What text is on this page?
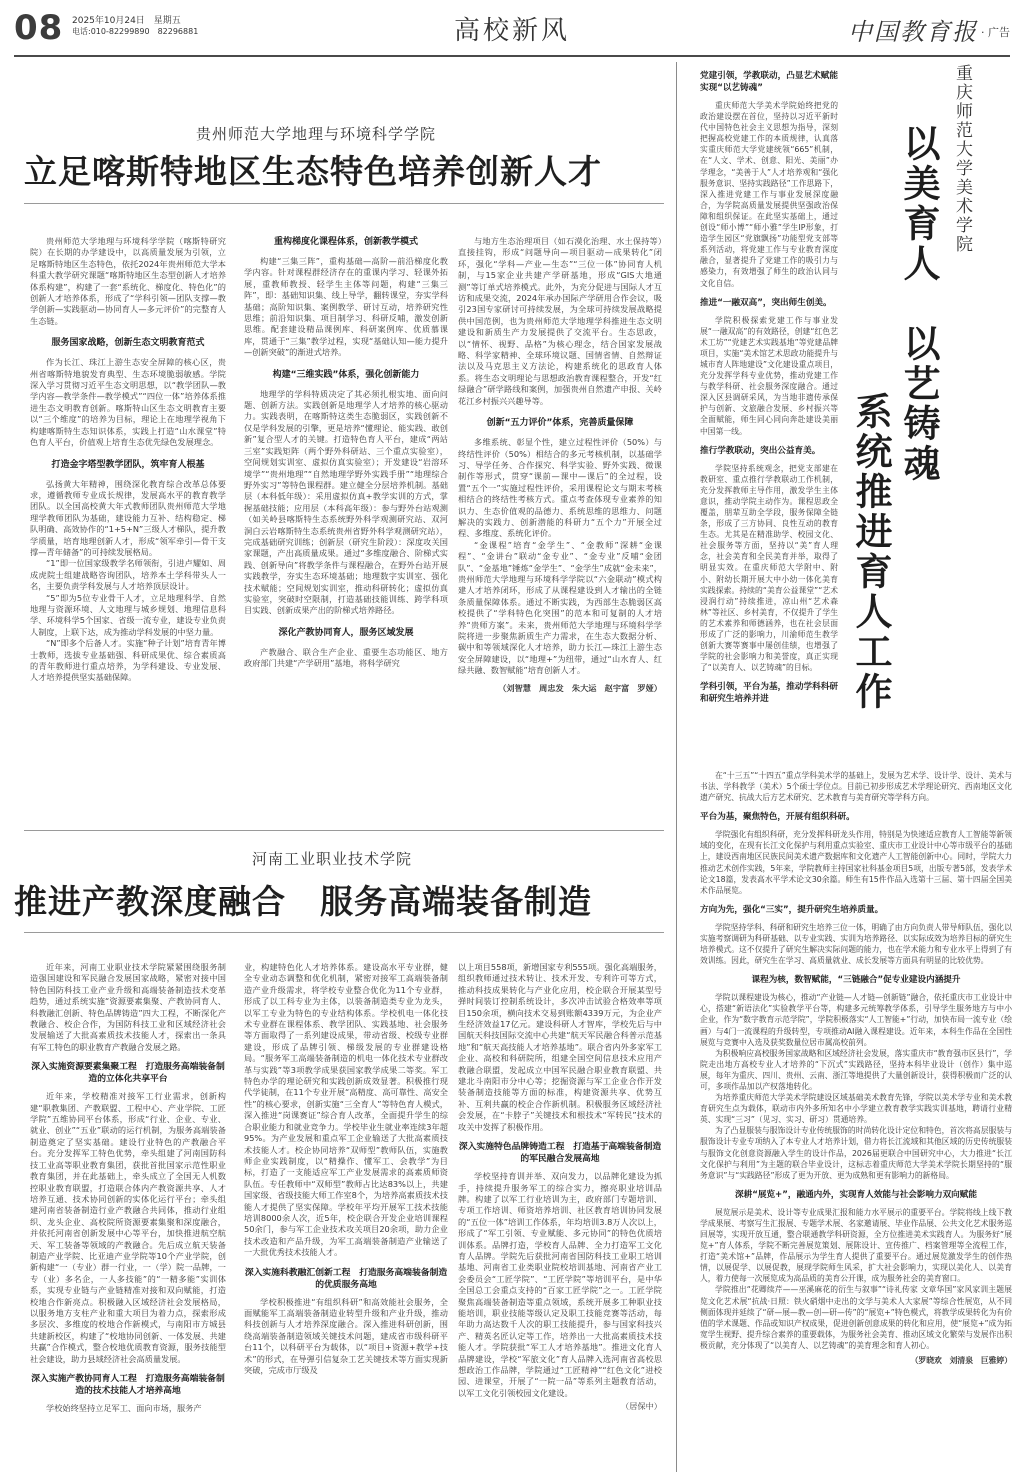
08 2025年10月24日　星期五
电话:010-82299890　82296881	高校新风	中国教育报 · 广告
贵州师范大学地理与环境科学学院
立足喀斯特地区生态特色培养创新人才

贵州师范大学地理与环境科学学院（喀斯特研究院）在长期的办学建设中，以高质量发展为引领，立足喀斯特地区生态特色，依托2024年贵州师范大学本科重大教学研究课题“喀斯特地区生态型创新人才培养体系构建”，构建了一套“系统化、梯度化、特色化”的创新人才培养体系，形成了“学科引领—团队支撑—教学创新—实践驱动—协同育人—多元评价”的完整育人生态链。

服务国家战略，创新生态文明教育范式

作为长江、珠江上游生态安全屏障的核心区，贵州省喀斯特地貌发育典型、生态环境脆弱敏感。学院深入学习贯彻习近平生态文明思想，以“教学团队—教学内容—教学条件—教学模式”“四位一体”培养体系推进生态文明教育创新。喀斯特山区生态文明教育主要以“三个维度”的培养为目标，理论上在地理学视角下构建喀斯特生态知识体系，实践上打造“山水课堂”特色育人平台，价值观上培育生态优先绿色发展理念。

打造金字塔型教学团队，筑牢育人根基

弘扬黄大年精神，围绕深化教育综合改革总体要求，遵循教师专业成长规律，发展高水平的教育教学团队。以全国高校黄大年式教师团队贵州师范大学地理学教师团队为基础，建设能力互补、结构稳定、梯队明确、高效协作的“1+5+N”三级人才梯队，提升教学质量，培育地理创新人才，形成“领军牵引—骨干支撑—青年储备”的可持续发展格局。

“1”即一位国家级教学名师领衔，引进卢耀如、周成虎院士组建战略咨询团队，培养本土学科带头人一名，主要负责学科发展与人才培养顶层设计。

“5”即为5位专业骨干人才，立足地理科学、自然地理与资源环境、人文地理与城乡规划、地理信息科学、环境科学5个国家、省级一流专业，建设专业负责人制度，上联下达，成为推动学科发展的中坚力量。

“N”即多个后备人才。实施“种子计划”培育青年博士教师，选拔专业基础强、科研成果优、综合素质高的青年教师进行重点培养，为学科建设、专业发展、人才培养提供坚实基础保障。

重构梯度化课程体系，创新教学模式

构建“三集三阵”，重构基础—高阶—前沿梯度化教学内容。针对课程群经济存在的重课内学习、轻课外拓展，重教师教授、轻学生主体等问题，构建“三集三阵”，即：基础知识集、线上导学，翻转课堂，夯实学科基础；高阶知识集、案例教学、研讨互动，培养研究性思维；前沿知识集、项目制学习、科研反哺，激发创新思维。配套建设精品课例库、科研案例库、优质慕课库，贯通于“三集”教学过程，实现“基础认知—能力提升—创新突破”的渐进式培养。

构建“三维实践”体系，强化创新能力

地理学的学科特质决定了其必须扎根实地、面向问题、创新方法。实践创新是地理学人才培养的核心驱动力。实践表明，在喀斯特这类生态脆弱区，实践创新不仅是学科发展的引擎，更是培养“懂理论、能实践、敢创新”复合型人才的关键。打造特色育人平台，建成“两站三室”实践矩阵（两个野外科研站、三个重点实验室），空间规划实训室、虚拟仿真实验室）；开发建设“岩溶环境学”“贵州地理”“自然地理学野外实践手册”“地理综合野外实习”等特色课程群。建立健全分层培养机制。基础层（本科低年级）：采用虚拟仿真+教学实训的方式，掌握基础技能；应用层（本科高年级）：参与野外台站观测（如关岭县喀斯特生态系统野外科学观测研究站、双河洞白云岩喀斯特生态系统贵州省野外科学观测研究站），完成基础研究训练；创新层（研究生阶段）：深度攻关国家课题，产出高质量成果。通过“多维度融合、阶梯式实践、创新导向”将教学条件与课程融合，在野外台站开展实践教学，夯实生态环境基础；地理数字实训室、强化技术赋能；空间规划实训室，推动科研转化；虚拟仿真实验室，突破时空限制，打造基础技能训练、跨学科项目实践、创新成果产出的阶梯式培养路径。

深化产教协同育人，服务区域发展

产教融合、联合生产企业、重要生态功能区、地方政府部门共建“产学研用”基地，将科学研究

与地方生态治理项目（如石漠化治理、水土保持等）直接挂钩，形成“问题导向—项目驱动—成果转化”闭环，强化“学科—产业—生态”“三位一体”协同育人机制，与15家企业共建产学研基地，形成“GIS大地通测”等订单式培养模式。此外，为充分促进与国际人才互访和成果交流，2024年承办国际产学研用合作会议，吸引23国专家研讨可持续发展，为全球可持续发展战略提供中国范例，也为贵州师范大学地理学科推进生态文明建设和新质生产力发展提供了交流平台。生态思政，以“情怀、视野、品格”为核心理念，结合国家发展战略、科学家精神、全球环境议题、国情省情、自然辩证法以及马克思主义方法论，构建系统化的思政育人体系。将生态文明理论与思想政治教育课程整合，开发“红绿融合”研学路线和案例，加强贵州自然遗产申报、关岭花江乡村振兴兴趣导等。

创新“五力评价”体系，完善质量保障

多维系统、彰显个性，建立过程性评价（50%）与终结性评价（50%）相结合的多元考核机制，以基础学习、导学任务、合作探究、科学实验、野外实践、微课制作等形式，贯穿“课前—课中—课后”的全过程，设置“五个一”实施过程性评价，采用课程论文与期末考核相结合的终结性考核方式。重点考查体现专业素养的知识力、生态价值观的品德力、系统思维的思维力、问题解决的实践力、创新潜能的科研力“五个力”开展全过程、多维度、系统化评价。

“金课程”培育“金学生”、“金教师”深耕“金课程”、“金讲台”联动“金专业”、“金专业”反哺“金团队”、“金基地”锤炼“金学生”、“金学生”成就“金未来”，贵州师范大学地理与环境科学学院以“六金联动”模式构建人才培养闭环，形成了从课程建设到人才输出的全链条质量保障体系。通过不断实践，为西部生态脆弱区高校提供了“学科特色化突围”的范本和可复制的人才培养“贵师方案”。未来，贵州师范大学地理与环境科学学院将进一步聚焦新质生产力需求，在生态大数据分析、碳中和等领域深化人才培养，助力长江—珠江上游生态安全屏障建设，以“地理+”为纽带，通过“山水育人、红绿共融、数智赋能”培育创新人才。

（刘智慧　周忠发　朱大运　赵宇富　罗娅）
河南工业职业技术学院
推进产教深度融合　服务高端装备制造

近年来，河南工业职业技术学院紧紧围绕服务制造强国建设和军民融合发展国家战略，紧密对接中国特色国防科技工业产业升级和高端装备制造技术变革趋势，通过系统实施“资源要素集聚、产教协同育人、科教融汇创新、特色品牌铸造”四大工程，不断深化产教融合、校企合作，为国防科技工业和区域经济社会发展输送了大批高素质技术技能人才，探索出一条具有军工特色的职业教育产教融合发展之路。

深入实施资源要素集聚工程　打造服务高端装备制造的立体化共享平台

近年来，学校精准对接军工行业需求，创新构建“职教集团、产教联盟、工程中心、产业学院、工匠学院”五维协同平台体系，形成“行业、企业、专业、就业、创业”“五业”联动的运行机制，为服务高端装备制造奠定了坚实基础。建设行业特色的产教融合平台。充分发挥军工特色优势，牵头组建了河南国防科技工业高等职业教育集团，获批首批国家示范性职业教育集团，并在此基础上，牵头成立了全国无人机数控职业教育联盟，打造联合体内产教资源共享、人才培养互通、技术协同创新的实体化运行平台；牵头组建河南省装备制造行业产教融合共同体，推动行业组织、龙头企业、高校院所资源要素集聚和深度融合，并依托河南省创新发展中心等平台，加快推进航空航天、军工装备等领域的产教融合。先后成立航天装备制造产业学院、比亚迪产业学院等10个产业学院，创新构建“一（专业）群一行业，一（学）院一品牌，一专（业）多名企，一人多技能”的“一精多能”实训体系，实现专业链与产业链精准对接和双向赋能，打造校地合作新亮点。积极融入区域经济社会发展格局，以服务地方支柱产业和重大项目为着力点，探索形成多层次、多维度的校地合作新模式，与南阳市方城县共建新校区，构建了“校地协同创新、一体发展、共建共赢”合作模式，整合校地优质教育资源，服务技能型社会建设，助力县域经济社会高质量发展。

深入实施产教协同育人工程　打造服务高端装备制造的技术技能人才培养高地

学校始终坚持立足军工、面向市场，服务产

业，构建特色化人才培养体系。建设高水平专业群，健全专业动态调整和优化机制，紧密对接军工高端装备制造产业升级需求，将学校专业整合优化为11个专业群，形成了以工科专业为主体，以装备制造类专业为龙头，以军工专业为特色的专业结构体系。学校机电一体化技术专业群在课程体系、教学团队、实践基地、社会服务等方面取得了一系列建设成果，带动省级、校级专业群建设，形成了品牌引领、梯级发展的专业群建设格局。“服务军工高端装备制造的机电一体化技术专业群改革与实践”等3项教学成果获国家教学成果二等奖。军工特色办学的理论研究和实践创新成效显著。积极推行现代学徒制，在11个专业开展“高精度、高可靠性、高安全性”的核心要求，创新实施“三全育人”等特色育人模式，深入推进“岗课赛证”综合育人改革，全面提升学生的综合职业能力和就业竞争力。学校毕业生就业率连续3年超95%。为产业发展和重点军工企业输送了大批高素质技术技能人才。校企协同培养“双师型”教师队伍，实施教师企业实践制度，以“精操作、懂军工、会教学”为目标，打造了一支能适应军工产业发展需求的高素质师资队伍。专任教师中“双师型”教师占比达83%以上，共建国家级、省级技能大师工作室8个，为培养高素质技术技能人才提供了坚实保障。学校年平均开展军工技术技能培训8000余人次，近5年，校企联合开发企业培训课程50余门，参与军工企业技术攻关项目20余项，助力企业技术改造和产品升级，为军工高端装备制造产业输送了一大批优秀技术技能人才。

深入实施科教融汇创新工程　打造服务高端装备制造的优质服务高地

学校积极推进“有组织科研”和高效能社会服务，全面赋能军工高端装备制造业转型升级和产业升级，推动科技创新与人才培养深度融合。深入推进科研创新，围绕高端装备制造领域关键技术问题，建成省市级科研平台11个，以科研平台为载体，以“项目+资源+教学+技术”的形式，在导弹引信复杂工艺关键技术等方面实现新突破，完成市厅级及

以上项目558项，新增国家专利555项。强化高端服务，组织教师通过技术转让、技术开发、专利许可等方式，推动科技成果转化与产业化应用，校企联合开展某型号弹时间装订控制系统设计，多次冲击试验合格效率等项目150余项，横向技术交易到账额4339万元，为企业产生经济效益17亿元。建设科研人才智库，学校先后与中国航天科技国际交流中心共建“航天军民融合科普示范基地”和“航天高技能人才培养基地”。联合省内外多家军工企业、高校和科研院所，组建全国空间信息技术应用产教融合联盟，发起成立中国军民融合职业教育联盟、共建北斗南阳市分中心等；挖掘资源与军工企业合作开发装备制造技能等方面的标准，构建资源共享、优势互补、互利共赢的校企合作新机制。积极服务区域经济社会发展，在“卡脖子”关键技术和根技术“军转民”技术的攻关中发挥了积极作用。

深入实施特色品牌铸造工程　打造基于高端装备制造的军民融合发展高地

学校坚持育训并举、双向发力，以品牌化建设为抓手，持续提升服务军工的综合实力，擦亮职业培训品牌。构建了以军工行业培训为主，政府部门专题培训、专项工作培训、师资培养培训、社区教育培训协同发展的“五位一体”培训工作体系，年均培训3.8万人次以上，形成了“军工引领、专业赋能、多元协同”的特色优质培训体系。品牌打造，学校育人品牌、全力打造军工文化育人品牌。学院先后获批河南省国防科技工业职工培训基地、河南省工业类职业院校培训基地、河南省产业工会委员会“工匠学院”、“工匠学院”等培训平台，是中华全国总工会重点支持的“百家工匠学院”之一。工匠学院聚焦高端装备制造等重点领域，系统开展多工种职业技能培训，职业技能等级认定及职工技能竞赛等活动，每年助力高达数千人次的职工技能提升，参与国家科技兴产、精英名匠认定等工作，培养出一大批高素质技术技能人才。学院获批“军工人才培养基地”。推进文化育人品牌建设，学校“军旅文化”育人品牌入选河南省高校思想政治工作品牌，学院通过“工匠精神”“红色文化”进校园、进课堂，开展了“一院一品”等系列主题教育活动，以军工文化引领校园文化建设。

（居保中）
重庆师范大学美术学院
以美育人　以艺铸魂
系统推进育人工作
党建引领，学教联动，凸显艺术赋能实现“以艺铸魂”

重庆师范大学美术学院始终把党的政治建设摆在首位，坚持以习近平新时代中国特色社会主义思想为指导，深刻把握高校党建工作的本质规律，认真落实重庆师范大学党建统领“665”机制，在“人文、学术、创意、阳光、美丽”办学理念，“美善于人”人才培养观和“强化服务意识、坚持实践路径”工作思路下，深入推进党建工作与事业发展深度融合，为学院高质量发展提供坚强政治保障和组织保证。在此坚实基础上，通过创设“师小博”“师小雅”学生IP形象，打造学生园区“党旗飘扬”功能型党支部等系列活动，将党建工作与专业教育深度融合，显著提升了党建工作的吸引力与感染力，有效增强了师生的政治认同与文化自信。

推进“一融双高”，突出师生创美。

学院积极探索党建工作与事业发展“一融双高”的有效路径，创建“红色艺术工坊”“党建艺术实践基地”等党建品牌项目，实施“美术馆艺术思政功能提升与城市育人阵地建设”文化建设重点项目，充分发挥学科专业优势，推动党建工作与教学科研、社会服务深度融合。通过深入区县调研采风，为当地非遗传承保护与创新、文旅融合发展、乡村振兴等全面赋能，师生同心同向奔赴建设美丽中国第一线。

推行学教联动，突出公益育美。

学院坚持系统观念，把党支部建在教研室、重点推行学教联动工作机制，充分发挥教师主导作用，激发学生主体意识，推动学院主动作为。课程思政全覆盖，朋辈互助全学段，服务保障全链条，形成了三方协同、良性互动的教育生态。尤其是在精准助学、校园文化、社会服务等方面，坚持以“美”育人理念，社会美育和全民美育并举，取得了明显实效。在重庆师范大学附中、附小、附幼长期开展大中小幼一体化美育实践探索。持续的“美育公益课堂”“艺术浸润行动”持续推进，凉山州“艺术森林”等社区、乡村美育，不仅提升了学生的艺术素养和师德涵养，也在社会层面形成了广泛的影响力，川渝师范生教学创新大赛等赛事中屡创佳绩，也增强了学院的社会影响力和美誉度，真正实现了“以美育人、以艺铸魂”的目标。

学科引领，平台为基，推动学科科研和研究生培养并进

在“十三五”“十四五”重点学科美术学的基础上，发展为艺术学、设计学、设计、美术与书法、学科教学（美术）5个硕士学位点。目前已初步形成艺术学理论研究、西南地区文化遗产研究、抗战大后方艺术研究、艺术教育与美育研究等学科方向。

平台为基，聚焦特色，开展有组织科研。

学院强化有组织科研，充分发挥科研龙头作用，特别是为快速适应教育人工智能等新领域的变化，在现有长江文化保护与利用重点实验室、重庆市工业设计中心等市级平台的基础上，建设西南地区民族民间美术遗产数据库和文化遗产人工智能创新中心。同时，学院大力推动艺术创作实践，5年来，学院教师主持国家社科基金项目5项，出版专著5部，发表学术论文18篇，发表高水平学术论文30余篇。师生有15件作品入选第十三届、第十四届全国美术作品展览。

方向为先，强化“三实”，提升研究生培养质量。

学院坚持学科、科研和研究生培养三位一体，明确了由方向负责人带导师队伍，强化以实施考察调研为科研基础、以专业实践、实训为培养路径、以实际成效为培养目标的研究生培养模式。这不仅提升了研究生解决实际问题的能力，也在学术能力和专业水平上得到了有效训练。因此，研究生在学习、高质量就业、成长发展等方面具有明显的比较优势。

课程为核，数智赋能，“三链融合”促专业建设内涵提升

学院以课程建设为核心，推动“产业链—人才链—创新链”融合，依托重庆市工业设计中心，搭建“新语法化”实验教学平台等，构建多元统筹教学体系，引导学生服务地方与中小企业，作为“数字教育示范学院”，学院积极落实“人工智能+”行动，加快布局一流专业（绘画）与4门一流课程的升级转型，专项推动AI融入课程建设。近年来，本科生作品在全国性展览与竞赛中入选及获奖数量位居市属高校前列。

为积极响应高校服务国家战略和区域经济社会发展，落实重庆市“教育强市区县行”，学院走出地方高校专业人才培养的“下沉式”实践路径，坚持本科毕业设计（创作）集中巡展，每年为重庆、四川、贵州、云南、浙江等地提供了大量创新设计，获得积极而广泛的认可，多项作品加以产权落地转化。

为培养重庆师范大学美术学院建设区域基础美术教育先锋，学院以美术学专业和美术教育研究生点为载体，联动市内外多所知名中小学建立教育教学实践实训基地，聘请行业精英、实现“三习”（见习、实习、研习）贯通培养。

为了凸显服装与服饰设计专业传统服饰的时尚转化设计定位和特色，首次将高层服装与服饰设计专业专项纳入了本专业人才培养计划，借力将长江流域和其他区域的历史传统服装与服饰文化创意资源融入学生的设计作品，2026届更联合中国研究中心，大力推进“长江文化保护与利用”为主题的联合毕业设计，这标志着重庆师范大学美术学院长期坚持的“服务意识”与“实践路径”形成了更为开放、更为成熟和更有影响力的新格局。

深耕“展览+”，融通内外，实现育人效能与社会影响力双向赋能

展览展示是美术、设计等专业成果汇报和能力水平展示的重要平台。学院将线上线下教学成果展、考察写生汇报展、专题学术展、名家邀请展、毕业作品展、公共文化艺术服务巡回展等，实现开放互通，整合联通教学科研资源，全方位推进美术实践育人。为服务好“展览+”育人体系，学院不断完善展览策划、展陈设计、宣传推广、档案管理等全流程工作，打造“美术馆+”品牌，作品展示为学生育人提供了重要平台。通过展览激发学生的创作热情，以展促学、以展促教，展现学院师生风采，扩大社会影响力，实现以美化人、以美育人，着力使每一次展览成为高品质的美育公开课，成为服务社会的美育窗口。

学院推出“花卿续芹——巫溪麻花的衍生与叙事”“诗礼传家 文章华国”家风家训主题展览文化艺术展“抗战·日照：铁火硝烟中走出的文学与美术人大家展”等综合性展览，从不同侧面体现并延续了“研—展—教—创—研—传”的“展览+”特色模式，将教学成果转化为有价值的学术课题、作品或知识产权成果，促进创新创意成果的转化和应用，使“展览+”成为拓宽学生视野、提升综合素养的重要载体，为服务社会美育、推动区域文化繁荣与发展作出积极贡献，充分体现了“以美育人、以艺铸魂”的美育理念和育人初心。

（罗晓欢　刘清泉　巨雅婷）
